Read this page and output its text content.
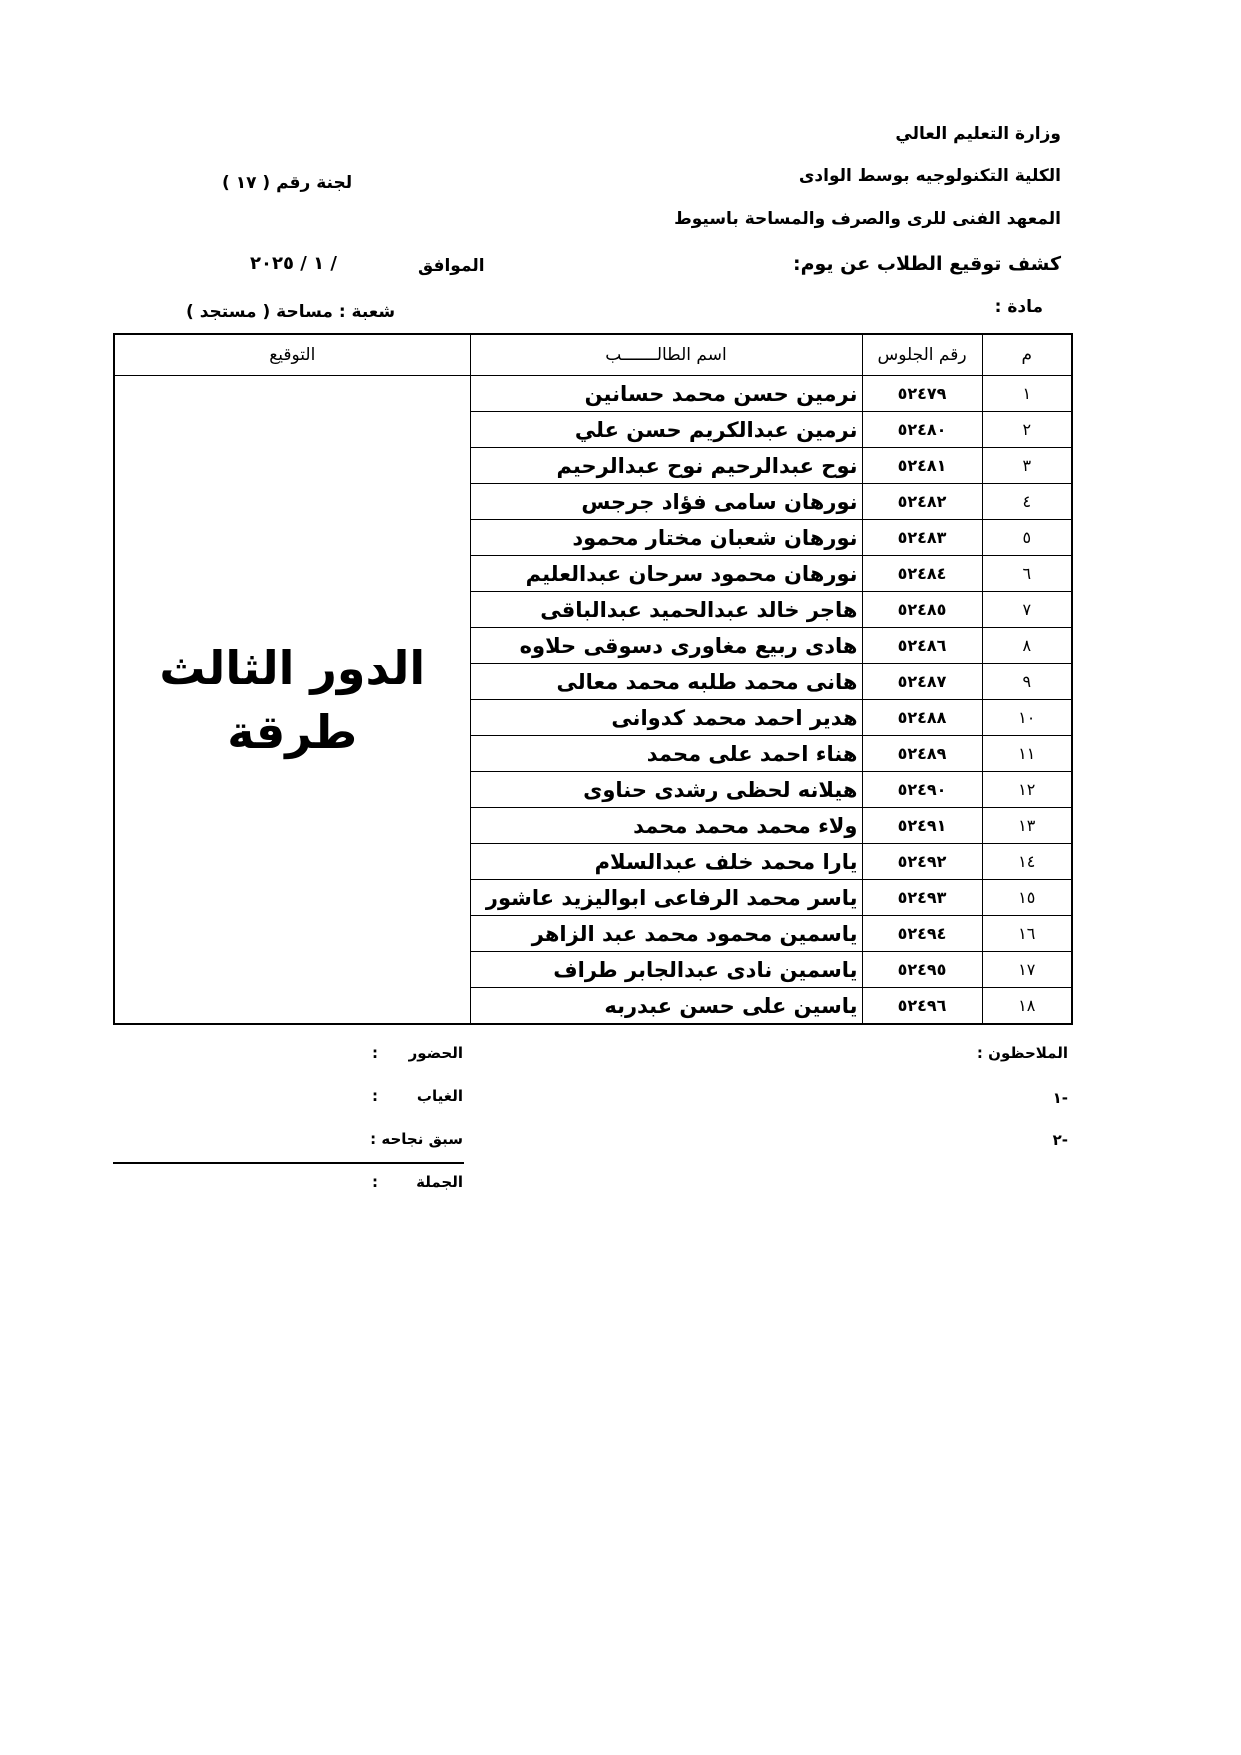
وزارة التعليم العالي
الكلية التكنولوجيه بوسط الوادى
المعهد الفنى للرى والصرف والمساحة باسيوط
كشف توقيع الطلاب عن يوم:
مادة :
لجنة رقم ( ١٧ )
الموافق
/ ١ / ٢٠٢٥
شعبة : مساحة ( مستجد )
م	رقم الجلوس	اسم الطالـــــــب	التوقيع
١	٥٢٤٧٩	نرمين حسن محمد حسانين	الدور الثالث
طرقة

٢	٥٢٤٨٠	نرمين عبدالكريم حسن علي	
٣	٥٢٤٨١	نوح عبدالرحيم نوح عبدالرحيم	
٤	٥٢٤٨٢	نورهان سامى فؤاد جرجس	
٥	٥٢٤٨٣	نورهان شعبان مختار محمود	
٦	٥٢٤٨٤	نورهان محمود سرحان عبدالعليم	
٧	٥٢٤٨٥	هاجر خالد عبدالحميد عبدالباقى	
٨	٥٢٤٨٦	هادى ربيع مغاورى دسوقى حلاوه	
٩	٥٢٤٨٧	هانى محمد طلبه محمد معالى	
١٠	٥٢٤٨٨	هدير احمد محمد كدوانى	
١١	٥٢٤٨٩	هناء احمد على محمد	
١٢	٥٢٤٩٠	هيلانه لحظى رشدى حناوى	
١٣	٥٢٤٩١	ولاء محمد محمد محمد	
١٤	٥٢٤٩٢	يارا محمد خلف عبدالسلام	
١٥	٥٢٤٩٣	ياسر محمد الرفاعى ابواليزيد عاشور	
١٦	٥٢٤٩٤	ياسمين محمود محمد عبد الزاهر	
١٧	٥٢٤٩٥	ياسمين نادى عبدالجابر طراف	
١٨	٥٢٤٩٦	ياسين على حسن عبدربه	
الملاحظون :
-١
-٢
الحضور
:
الغياب
:
سبق نجاحه :
الجملة
:
